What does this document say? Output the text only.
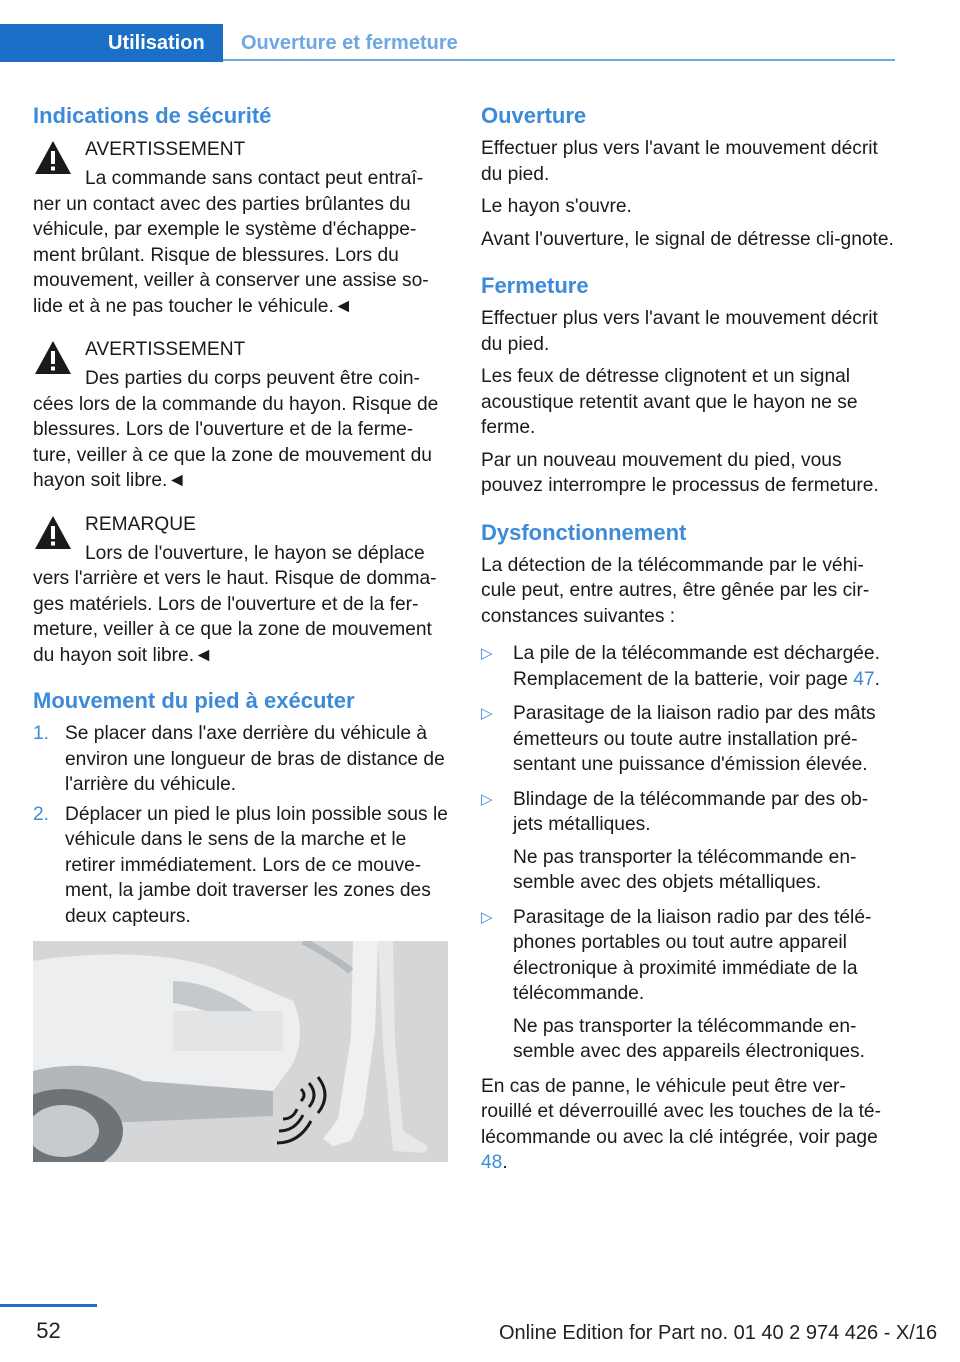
Utilisation	Ouverture et fermeture
Indications de sécurité
AVERTISSEMENT
La commande sans contact peut entraî-
ner un contact avec des parties brûlantes du véhicule, par exemple le système d'échappe-ment brûlant. Risque de blessures. Lors du mouvement, veiller à conserver une assise so-lide et à ne pas toucher le véhicule.◄
AVERTISSEMENT
Des parties du corps peuvent être coin-
cées lors de la commande du hayon. Risque de blessures. Lors de l'ouverture et de la ferme-ture, veiller à ce que la zone de mouvement du hayon soit libre.◄
REMARQUE
Lors de l'ouverture, le hayon se déplace
vers l'arrière et vers le haut. Risque de domma-ges matériels. Lors de l'ouverture et de la fer-meture, veiller à ce que la zone de mouvement du hayon soit libre.◄
Mouvement du pied à exécuter
1. Se placer dans l'axe derrière du véhicule à environ une longueur de bras de distance de l'arrière du véhicule.
2. Déplacer un pied le plus loin possible sous le véhicule dans le sens de la marche et le retirer immédiatement. Lors de ce mouve-ment, la jambe doit traverser les zones des deux capteurs.
Ouverture

Effectuer plus vers l'avant le mouvement décrit du pied.

Le hayon s'ouvre.

Avant l'ouverture, le signal de détresse cli-gnote.

Fermeture

Effectuer plus vers l'avant le mouvement décrit du pied.

Les feux de détresse clignotent et un signal acoustique retentit avant que le hayon ne se ferme.

Par un nouveau mouvement du pied, vous pouvez interrompre le processus de fermeture.

Dysfonctionnement

La détection de la télécommande par le véhi-cule peut, entre autres, être gênée par les cir-constances suivantes :

▷ La pile de la télécommande est déchargée. Remplacement de la batterie, voir page 47.
▷ Parasitage de la liaison radio par des mâts émetteurs ou toute autre installation pré-sentant une puissance d'émission élevée.
▷ Blindage de la télécommande par des ob-jets métalliques.

Ne pas transporter la télécommande en-semble avec des objets métalliques.

▷ Parasitage de la liaison radio par des télé-phones portables ou tout autre appareil électronique à proximité immédiate de la télécommande.

Ne pas transporter la télécommande en-semble avec des appareils électroniques.

En cas de panne, le véhicule peut être ver-rouillé et déverrouillé avec les touches de la té-lécommande ou avec la clé intégrée, voir page 48.

52	Online Edition for Part no. 01 40 2 974 426 - X/16
